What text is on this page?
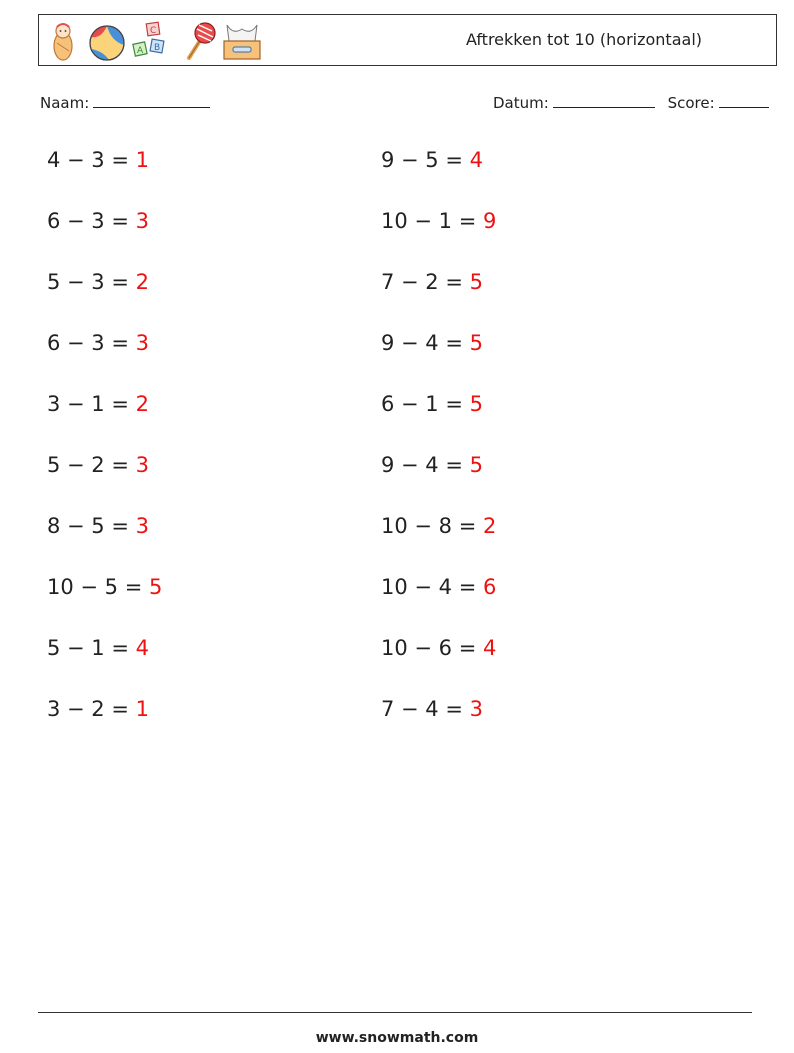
C
A B	Aftrekken tot 10 (horizontaal)
Naam:	Datum:	Score:
4 − 3 = 1
6 − 3 = 3
5 − 3 = 2
6 − 3 = 3
3 − 1 = 2
5 − 2 = 3
8 − 5 = 3
10 − 5 = 5
5 − 1 = 4
3 − 2 = 1
9 − 5 = 4
10 − 1 = 9
7 − 2 = 5
9 − 4 = 5
6 − 1 = 5
9 − 4 = 5
10 − 8 = 2
10 − 4 = 6
10 − 6 = 4
7 − 4 = 3
www.snowmath.com
